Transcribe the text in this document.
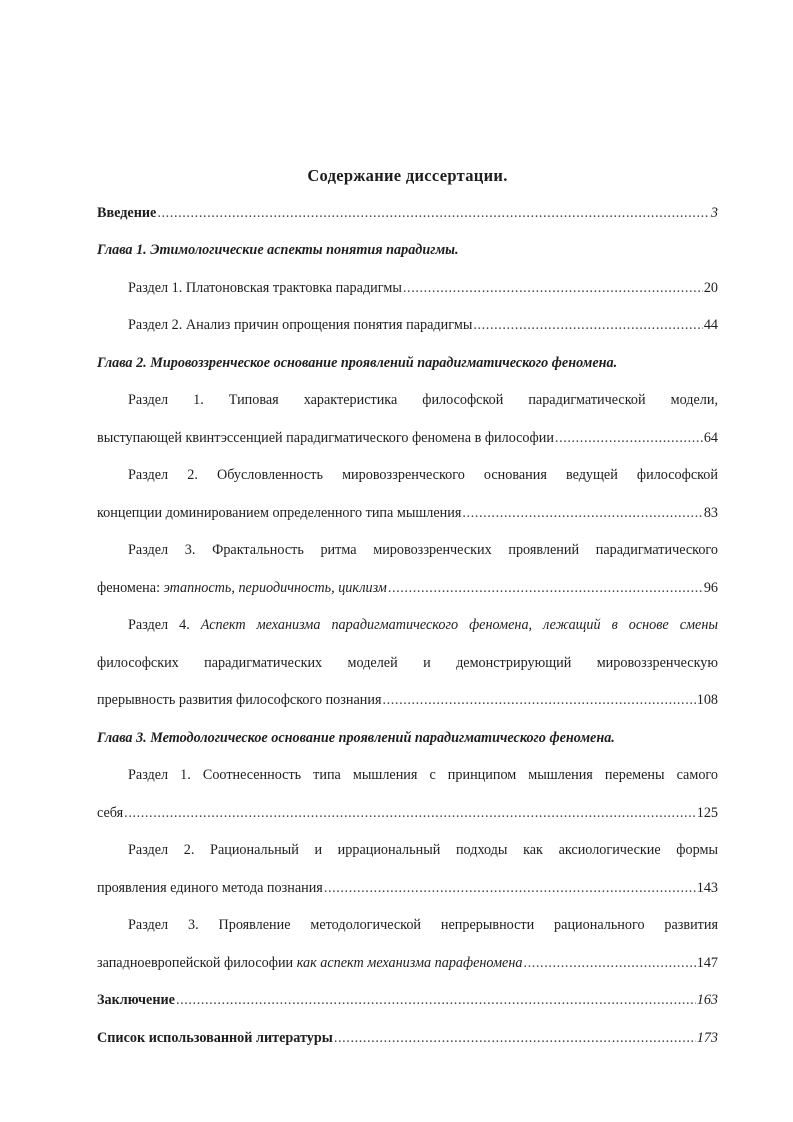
Содержание диссертации.
Введение .....	3
Глава 1. Этимологические аспекты понятия парадигмы.
Раздел 1. Платоновская трактовка парадигмы .....	20
Раздел 2. Анализ причин опрощения понятия парадигмы .....	44
Глава 2. Мировоззренческое основание проявлений парадигматического феномена.
Раздел 1. Типовая характеристика философской парадигматической модели,
выступающей квинтэссенцией парадигматического феномена в философии .....	64
Раздел 2. Обусловленность мировоззренческого основания ведущей философской
концепции доминированием определенного типа мышления .....	83
Раздел 3. Фрактальность ритма мировоззренческих проявлений парадигматического
феномена: этапность, периодичность, циклизм .....	96
Раздел 4. Аспект механизма парадигматического феномена, лежащий в основе смены
философских парадигматических моделей и демонстрирующий мировоззренческую
прерывность развития философского познания .....	108
Глава 3. Методологическое основание проявлений парадигматического феномена.
Раздел 1. Соотнесенность типа мышления с принципом мышления перемены самого
себя .....	125
Раздел 2. Рациональный и иррациональный подходы как аксиологические формы
проявления единого метода познания .....	143
Раздел 3. Проявление методологической непрерывности рационального развития
западноевропейской философии как аспект механизма парафеномена .....	147
Заключение .....	163
Список использованной литературы .....	173
